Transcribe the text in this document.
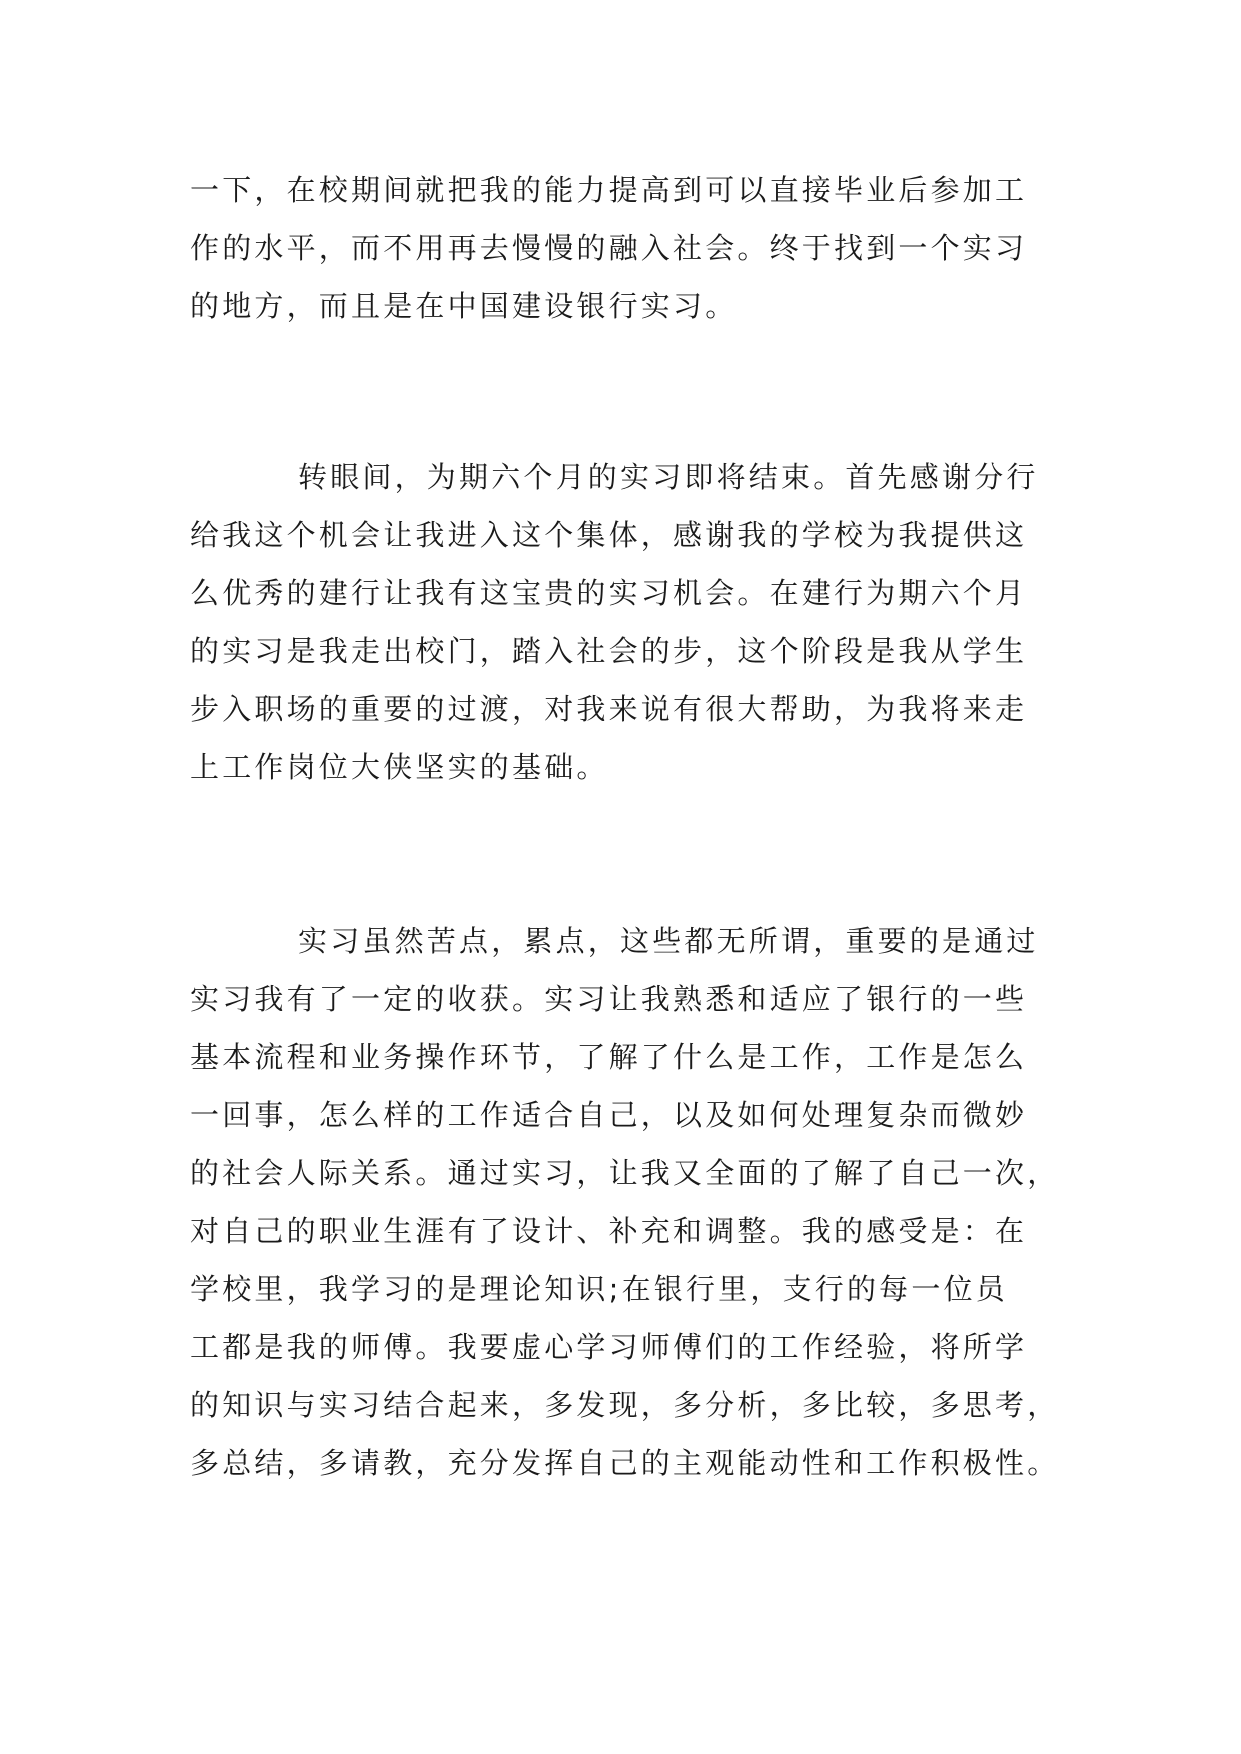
一下，在校期间就把我的能力提高到可以直接毕业后参加工
作的水平，而不用再去慢慢的融入社会。终于找到一个实习
的地方，而且是在中国建设银行实习。
转眼间，为期六个月的实习即将结束。首先感谢分行
给我这个机会让我进入这个集体，感谢我的学校为我提供这
么优秀的建行让我有这宝贵的实习机会。在建行为期六个月
的实习是我走出校门，踏入社会的步，这个阶段是我从学生
步入职场的重要的过渡，对我来说有很大帮助，为我将来走
上工作岗位大侠坚实的基础。
实习虽然苦点，累点，这些都无所谓，重要的是通过
实习我有了一定的收获。实习让我熟悉和适应了银行的一些
基本流程和业务操作环节，了解了什么是工作，工作是怎么
一回事，怎么样的工作适合自己，以及如何处理复杂而微妙
的社会人际关系。通过实习，让我又全面的了解了自己一次，
对自己的职业生涯有了设计、补充和调整。我的感受是：在
学校里，我学习的是理论知识;在银行里，支行的每一位员
工都是我的师傅。我要虚心学习师傅们的工作经验，将所学
的知识与实习结合起来，多发现，多分析，多比较，多思考，
多总结，多请教，充分发挥自己的主观能动性和工作积极性。
